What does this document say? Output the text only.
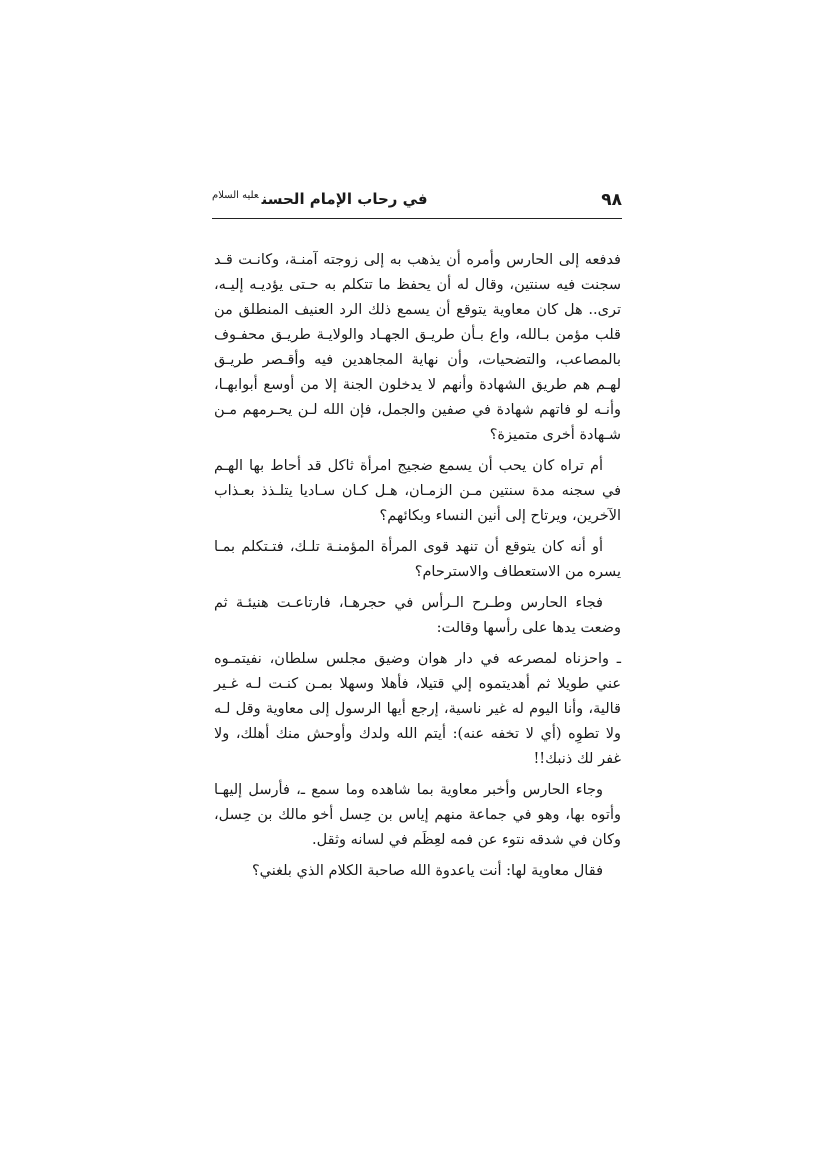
٩٨
في رحاب الإمام الحسن$^{عليه السلام}$

فدفعه إلى الحارس وأمره أن يذهب به إلى زوجته آمنـة، وكانـت قـد سجنت فيه سنتين، وقال له أن يحفظ ما تتكلم به حـتى يؤديـه إليـه، ترى.. هل كان معاوية يتوقع أن يسمع ذلك الرد العنيف المنطلق من قلب مؤمن بـالله، واع بـأن طريـق الجهـاد والولايـة طريـق محفـوف بالمصاعب، والتضحيات، وأن نهاية المجاهدين فيه وأقـصر طريـق لهـم هم طريق الشهادة وأنهم لا يدخلون الجنة إلا من أوسع أبوابهـا، وأنـه لو فاتهم شهادة في صفين والجمل، فإن الله لـن يحـرمهم مـن شـهادة أخرى متميزة؟

أم تراه كان يحب أن يسمع ضجيج امرأة ثاكل قد أحاط بها الهـم في سجنه مدة سنتين مـن الزمـان، هـل كـان سـاديا يتلـذذ بعـذاب الآخرين، ويرتاح إلى أنين النساء وبكائهم؟

أو أنه كان يتوقع أن تنهد قوى المرأة المؤمنـة تلـك، فتـتكلم بمـا يسره من الاستعطاف والاسترحام؟

فجاء الحارس وطـرح الـرأس في حجرهـا، فارتاعـت هنيئـة ثم وضعت يدها على رأسها وقالت:

ـ واحزناه لمصرعه في دار هوان وضيق مجلس سلطان، نفيتمـوه عني طويلا ثم أهديتموه إلي قتيلا، فأهلا وسهلا بمـن كنـت لـه غـير قالية، وأنا اليوم له غير ناسية، إرجع أيها الرسول إلى معاوية وقل لـه ولا تطوِه (أي لا تخفه عنه): أيتم الله ولدك وأوحش منك أهلك، ولا غفر لك ذنبك!!

وجاء الحارس وأخبر معاوية بما شاهده وما سمع ـ، فأرسل إليهـا وأتوه بها، وهو في جماعة منهم إياس بن حِسل أخو مالك بن حِسل، وكان في شدقه نتوء عن فمه لعِظَم في لسانه وثقل.

فقال معاوية لها: أنت ياعدوة الله صاحبة الكلام الذي بلغني؟
